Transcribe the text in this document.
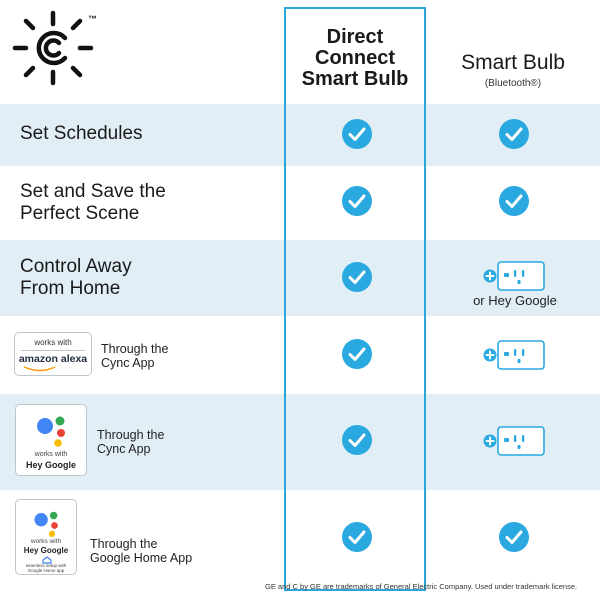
™
Direct
Connect
Smart Bulb
Smart Bulb
(Bluetooth®)
Set Schedules
Set and Save the
Perfect Scene
Control Away
From Home
works with
amazon alexa
Through the
Cync App
works with
Hey Google
Through the
Cync App
works with
Hey Google
seamless setup with
Google Home app
Through the
Google Home App
or Hey Google
GE and C by GE are trademarks of General Electric Company. Used under trademark license.
